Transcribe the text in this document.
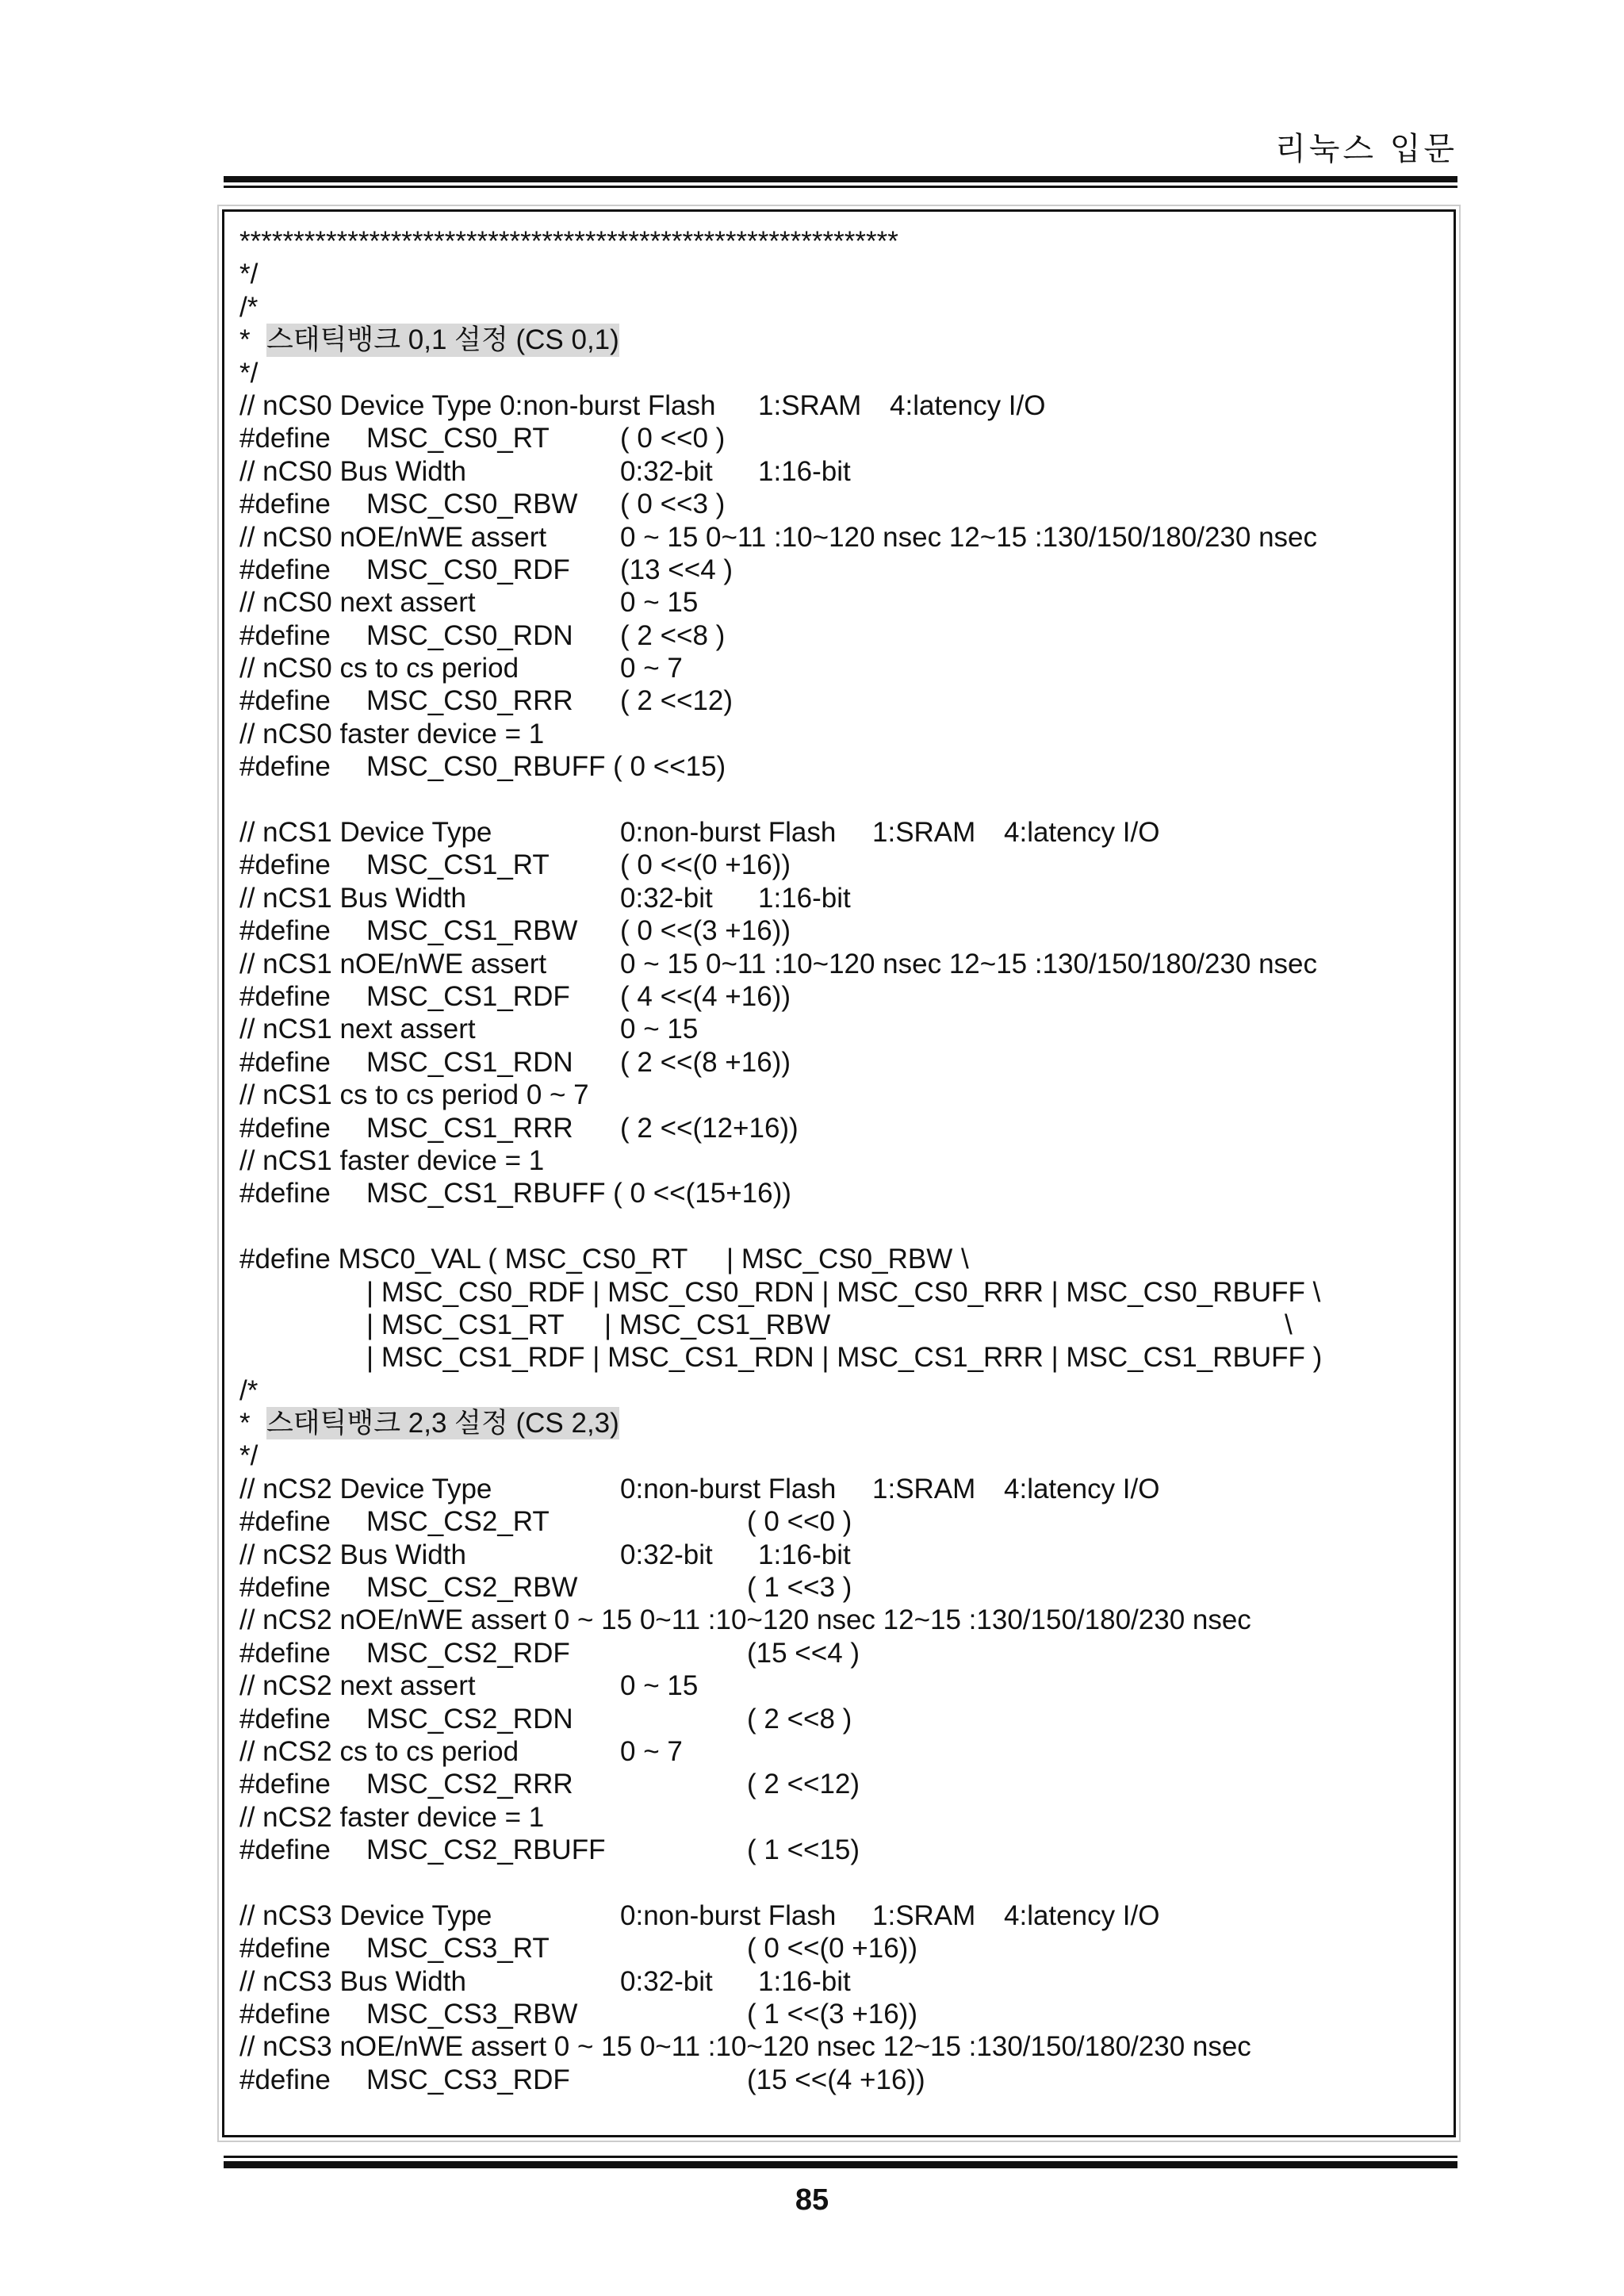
리눅스 입문
*************************************************************
*/
/*
* 스태틱뱅크 0,1 설정 (CS 0,1)
*/
// nCS0 Device Type 0:non-burst Flash 1:SRAM 4:latency I/O
#define MSC_CS0_RT	( 0 <<0 )
// nCS0 Bus Width	0:32-bit 1:16-bit
#define MSC_CS0_RBW ( 0 <<3 )
// nCS0 nOE/nWE assert	0 ~ 15 0~11 :10~120 nsec 12~15 :130/150/180/230 nsec
#define MSC_CS0_RDF (13 <<4 )
// nCS0 next assert	0 ~ 15
#define MSC_CS0_RDN ( 2 <<8 )
// nCS0 cs to cs period	0 ~ 7
#define MSC_CS0_RRR ( 2 <<12)
// nCS0 faster device = 1
#define MSC_CS0_RBUFF ( 0 <<15)
// nCS1 Device Type	0:non-burst Flash 1:SRAM 4:latency I/O
#define MSC_CS1_RT	( 0 <<(0 +16))
// nCS1 Bus Width	0:32-bit 1:16-bit
#define MSC_CS1_RBW ( 0 <<(3 +16))
// nCS1 nOE/nWE assert	0 ~ 15 0~11 :10~120 nsec 12~15 :130/150/180/230 nsec
#define MSC_CS1_RDF ( 4 <<(4 +16))
// nCS1 next assert	0 ~ 15
#define MSC_CS1_RDN ( 2 <<(8 +16))
// nCS1 cs to cs period 0 ~ 7
#define MSC_CS1_RRR ( 2 <<(12+16))
// nCS1 faster device = 1
#define MSC_CS1_RBUFF ( 0 <<(15+16))
#define MSC0_VAL ( MSC_CS0_RT | MSC_CS0_RBW \
| MSC_CS0_RDF | MSC_CS0_RDN | MSC_CS0_RRR | MSC_CS0_RBUFF \
| MSC_CS1_RT | MSC_CS1_RBW	\
| MSC_CS1_RDF | MSC_CS1_RDN | MSC_CS1_RRR | MSC_CS1_RBUFF )
/*
* 스태틱뱅크 2,3 설정 (CS 2,3)
*/
// nCS2 Device Type	0:non-burst Flash 1:SRAM 4:latency I/O
#define MSC_CS2_RT	( 0 <<0 )
// nCS2 Bus Width	0:32-bit 1:16-bit
#define MSC_CS2_RBW	( 1 <<3 )
// nCS2 nOE/nWE assert 0 ~ 15 0~11 :10~120 nsec 12~15 :130/150/180/230 nsec
#define MSC_CS2_RDF	(15 <<4 )
// nCS2 next assert	0 ~ 15
#define MSC_CS2_RDN	( 2 <<8 )
// nCS2 cs to cs period	0 ~ 7
#define MSC_CS2_RRR	( 2 <<12)
// nCS2 faster device = 1
#define MSC_CS2_RBUFF	( 1 <<15)
// nCS3 Device Type	0:non-burst Flash 1:SRAM 4:latency I/O
#define MSC_CS3_RT	( 0 <<(0 +16))
// nCS3 Bus Width	0:32-bit 1:16-bit
#define MSC_CS3_RBW	( 1 <<(3 +16))
// nCS3 nOE/nWE assert 0 ~ 15 0~11 :10~120 nsec 12~15 :130/150/180/230 nsec
#define MSC_CS3_RDF	(15 <<(4 +16))
85
